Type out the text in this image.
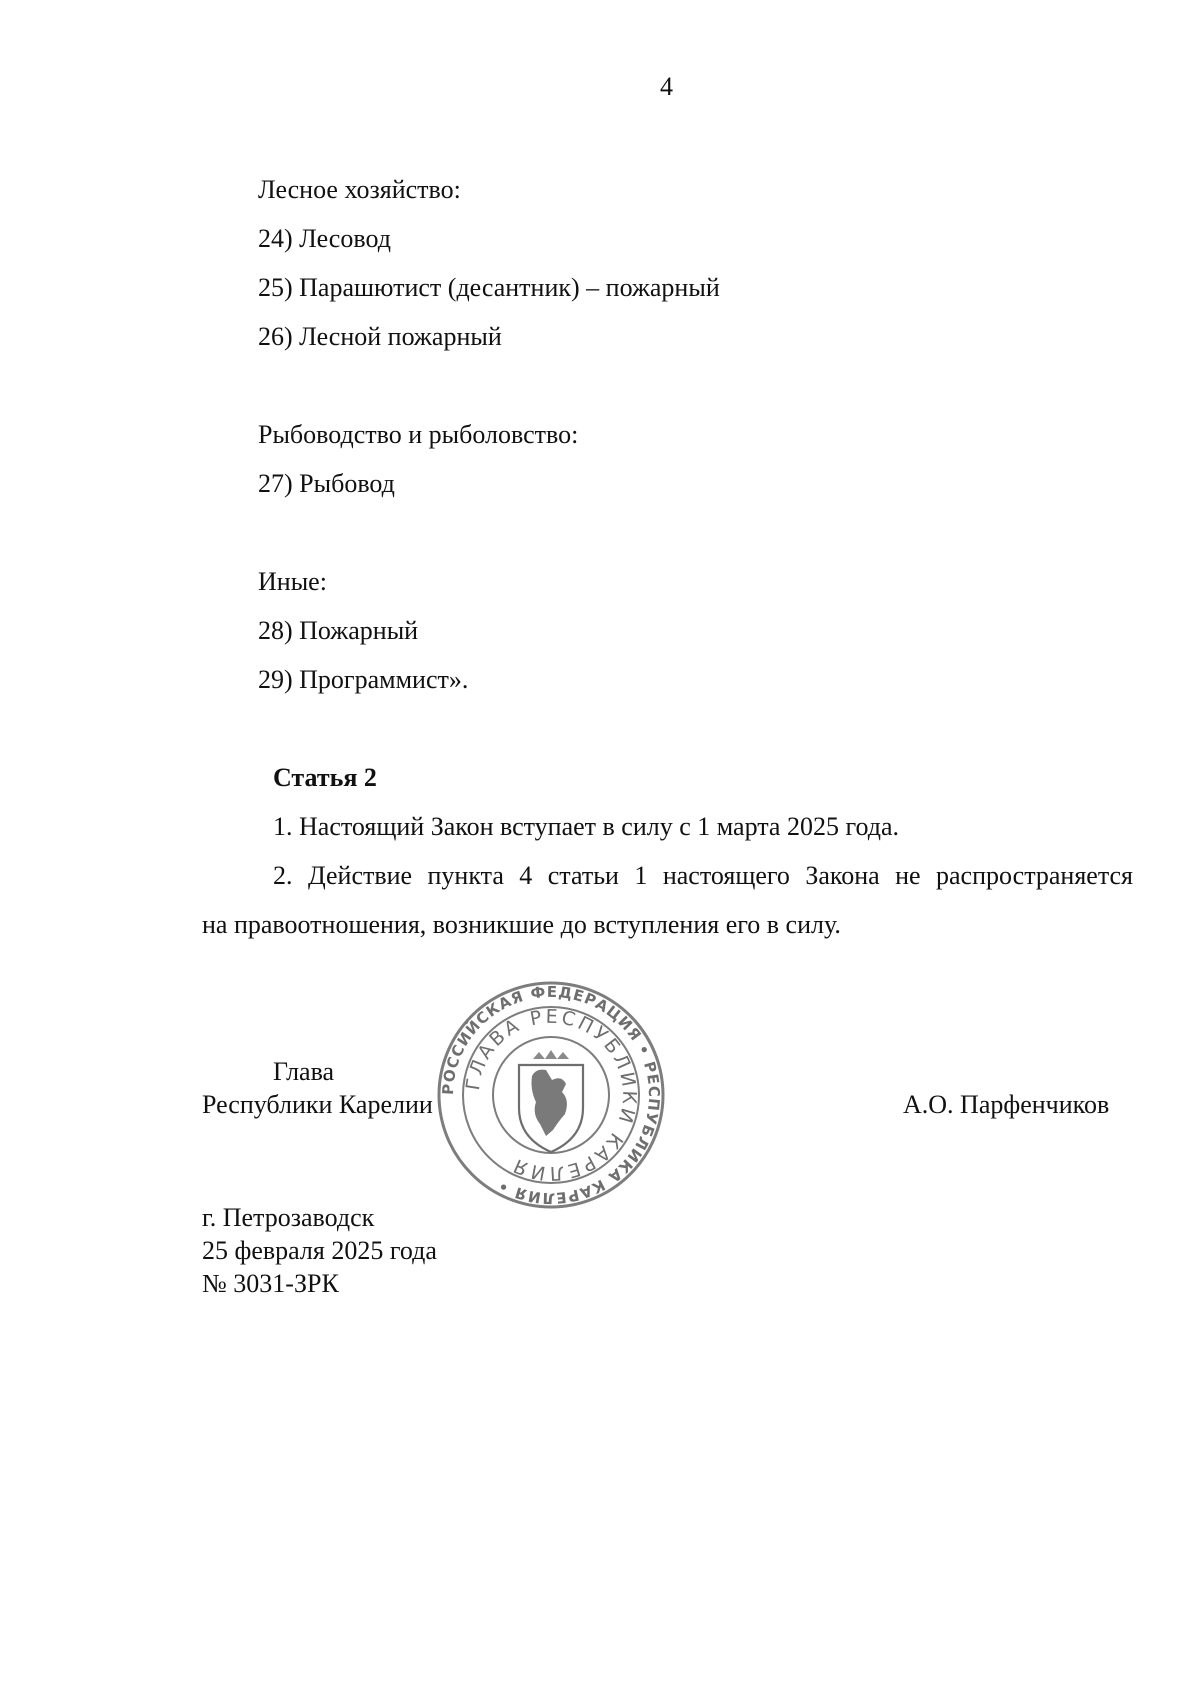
4
Лесное хозяйство:
24) Лесовод
25) Парашютист (десантник) – пожарный
26) Лесной пожарный
Рыбоводство и рыболовство:
27) Рыбовод
Иные:
28) Пожарный
29) Программист».
Статья 2
1. Настоящий Закон вступает в силу с 1 марта 2025 года.
2. Действие пункта 4 статьи 1 настоящего Закона не распространяется
на правоотношения, возникшие до вступления его в силу.
Глава
Республики Карелии
РОССИЙСКАЯ ФЕДЕРАЦИЯ • РЕСПУБЛИКА КАРЕЛИЯ •
ГЛАВА РЕСПУБЛИКИ КАРЕЛИЯ
А.О. Парфенчиков
г. Петрозаводск
25 февраля 2025 года
№ 3031-ЗРК
